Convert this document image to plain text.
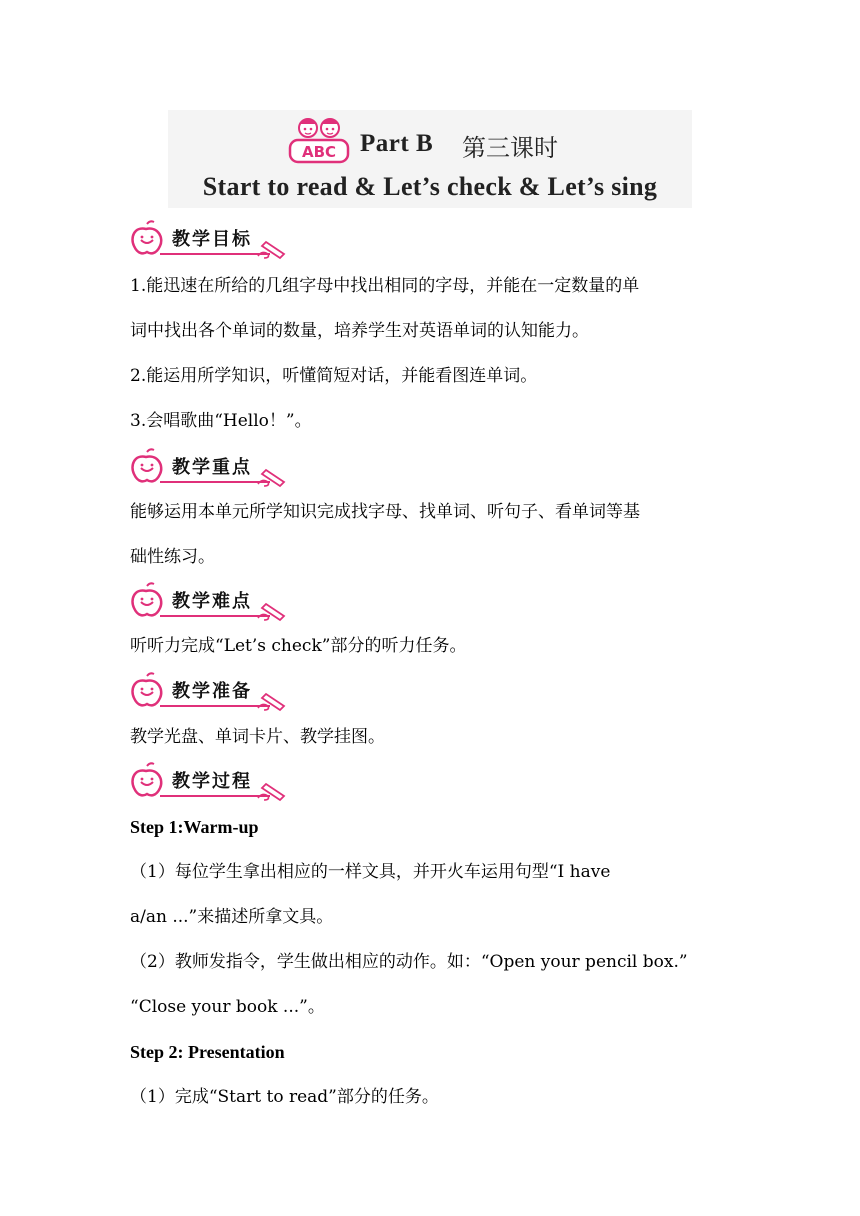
ABC Part B 第三课时
Start to read & Let’s check & Let’s sing
教学目标
1.能迅速在所给的几组字母中找出相同的字母，并能在一定数量的单
词中找出各个单词的数量，培养学生对英语单词的认知能力。
2.能运用所学知识，听懂简短对话，并能看图连单词。
3.会唱歌曲“Hello！”。
教学重点
能够运用本单元所学知识完成找字母、找单词、听句子、看单词等基
础性练习。
教学难点
听听力完成“Let’s check”部分的听力任务。
教学准备
教学光盘、单词卡片、教学挂图。
教学过程
Step 1:Warm-up
（1）每位学生拿出相应的一样文具，并开火车运用句型“I have
a/an ...”来描述所拿文具。
（2）教师发指令，学生做出相应的动作。如：“Open your pencil box.”
“Close your book ...”。
Step 2: Presentation
（1）完成“Start to read”部分的任务。
